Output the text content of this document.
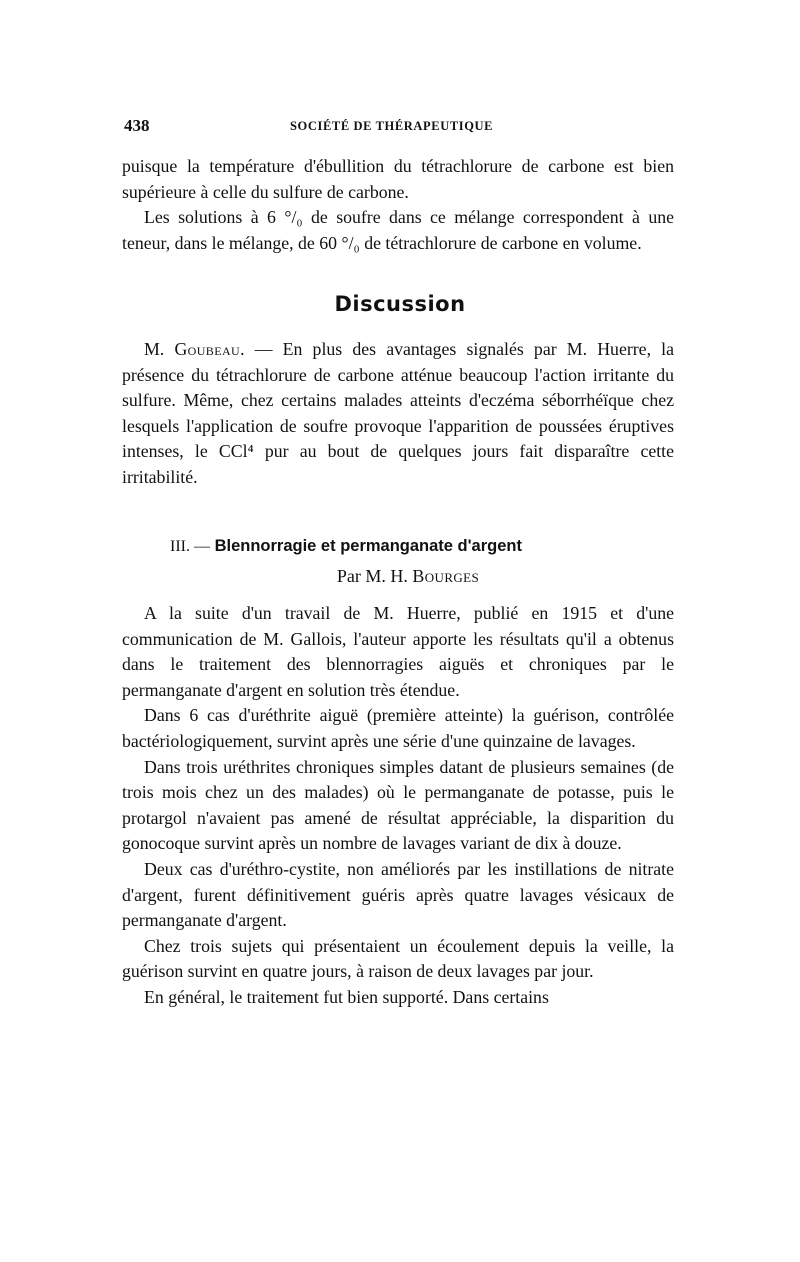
438	SOCIÉTÉ DE THÉRAPEUTIQUE

puisque la température d'ébullition du tétrachlorure de carbone est bien supérieure à celle du sulfure de carbone.

Les solutions à 6 °/₀ de soufre dans ce mélange correspondent à une teneur, dans le mélange, de 60 °/₀ de tétrachlorure de carbone en volume.

Discussion

M. Goubeau. — En plus des avantages signalés par M. Huerre, la présence du tétrachlorure de carbone atténue beaucoup l'action irritante du sulfure. Même, chez certains malades atteints d'eczéma séborrhéïque chez lesquels l'application de soufre provoque l'apparition de poussées éruptives intenses, le CCl⁴ pur au bout de quelques jours fait disparaître cette irritabilité.

III. — Blennorragie et permanganate d'argent
Par M. H. Bourges

A la suite d'un travail de M. Huerre, publié en 1915 et d'une communication de M. Gallois, l'auteur apporte les résultats qu'il a obtenus dans le traitement des blennorragies aiguës et chroniques par le permanganate d'argent en solution très étendue.

Dans 6 cas d'uréthrite aiguë (première atteinte) la guérison, contrôlée bactériologiquement, survint après une série d'une quinzaine de lavages.

Dans trois uréthrites chroniques simples datant de plusieurs semaines (de trois mois chez un des malades) où le permanganate de potasse, puis le protargol n'avaient pas amené de résultat appréciable, la disparition du gonocoque survint après un nombre de lavages variant de dix à douze.

Deux cas d'uréthro-cystite, non améliorés par les instillations de nitrate d'argent, furent définitivement guéris après quatre lavages vésicaux de permanganate d'argent.

Chez trois sujets qui présentaient un écoulement depuis la veille, la guérison survint en quatre jours, à raison de deux lavages par jour.

En général, le traitement fut bien supporté. Dans certains
